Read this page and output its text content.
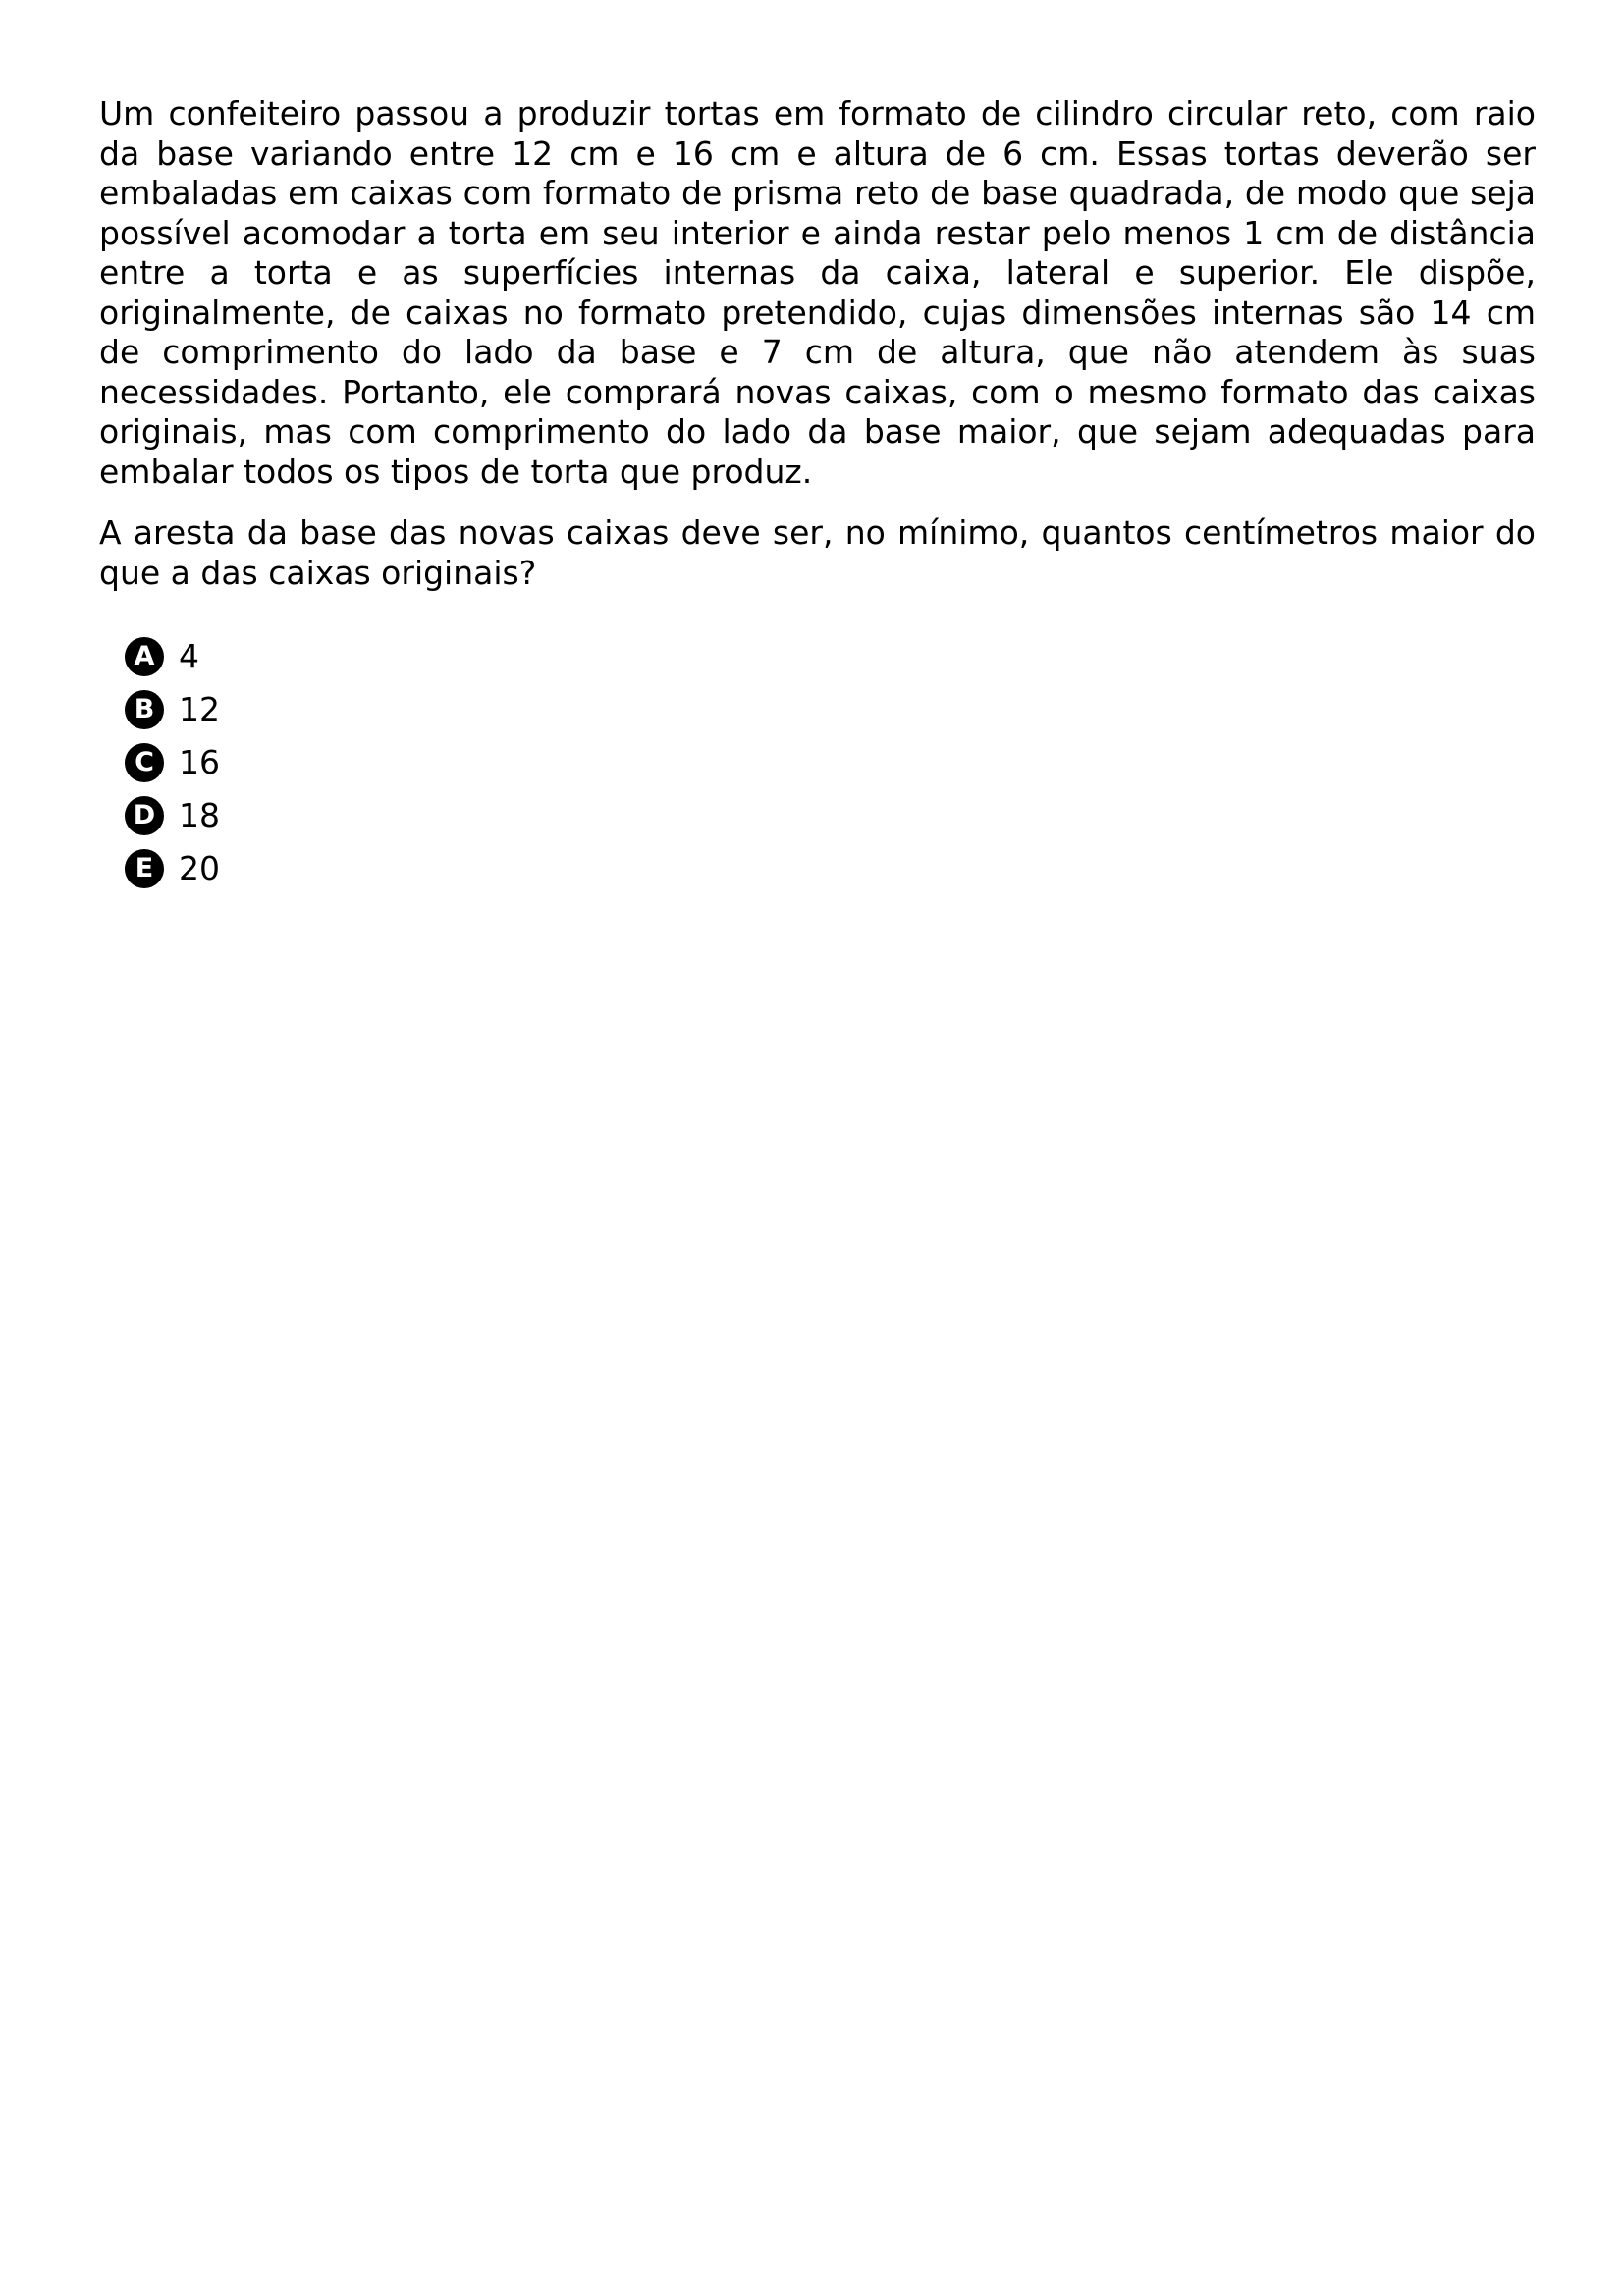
Um confeiteiro passou a produzir tortas em formato de cilindro circular reto, com raio da base variando entre 12 cm e 16 cm e altura de 6 cm. Essas tortas deverão ser embaladas em caixas com formato de prisma reto de base quadrada, de modo que seja possível acomodar a torta em seu interior e ainda restar pelo menos 1 cm de distância entre a torta e as superfícies internas da caixa, lateral e superior. Ele dispõe, originalmente, de caixas no formato pretendido, cujas dimensões internas são 14 cm de comprimento do lado da base e 7 cm de altura, que não atendem às suas necessidades. Portanto, ele comprará novas caixas, com o mesmo formato das caixas originais, mas com comprimento do lado da base maior, que sejam adequadas para embalar todos os tipos de torta que produz.

A aresta da base das novas caixas deve ser, no mínimo, quantos centímetros maior do que a das caixas originais?

A 4
B 12
C 16
D 18
E 20
